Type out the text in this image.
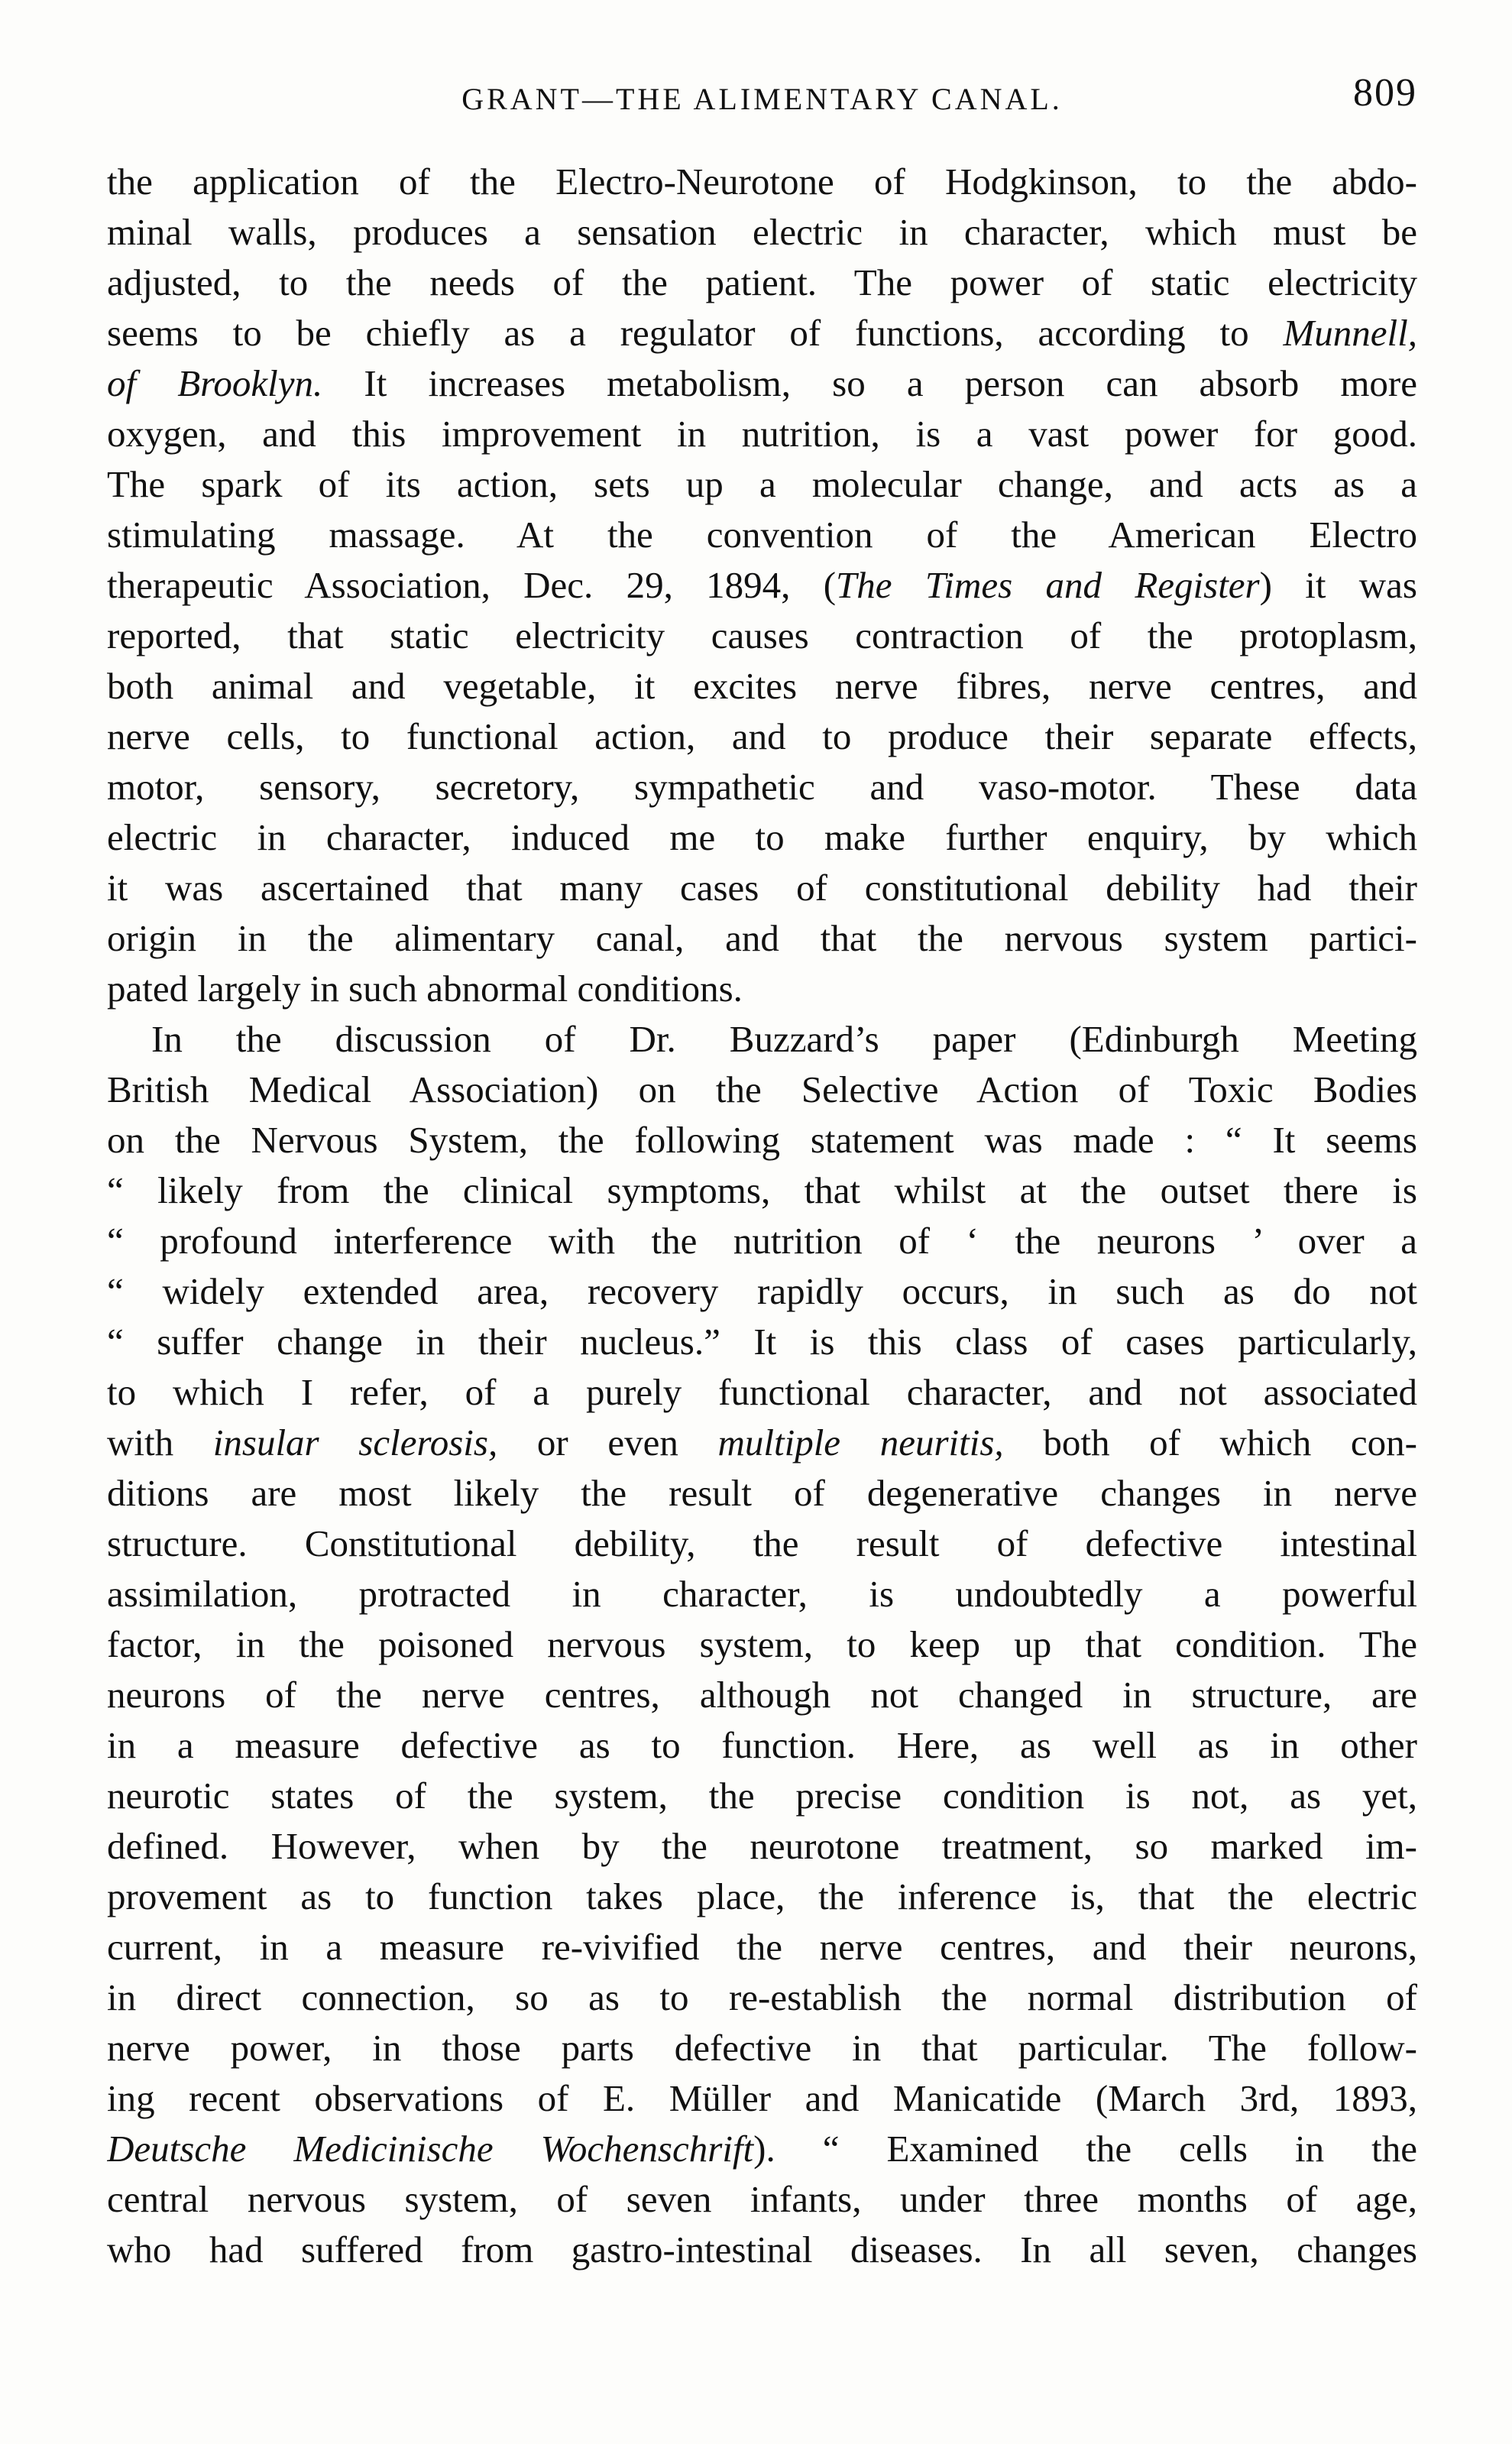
GRANT—THE ALIMENTARY CANAL.	809
the application of the Electro-Neurotone of Hodgkinson, to the abdo-
minal walls, produces a sensation electric in character, which must be
adjusted, to the needs of the patient. The power of static electricity
seems to be chiefly as a regulator of functions, according to Munnell,
of Brooklyn. It increases metabolism, so a person can absorb more
oxygen, and this improvement in nutrition, is a vast power for good.
The spark of its action, sets up a molecular change, and acts as a
stimulating massage. At the convention of the American Electro
therapeutic Association, Dec. 29, 1894, (The Times and Register) it was
reported, that static electricity causes contraction of the protoplasm,
both animal and vegetable, it excites nerve fibres, nerve centres, and
nerve cells, to functional action, and to produce their separate effects,
motor, sensory, secretory, sympathetic and vaso-motor. These data
electric in character, induced me to make further enquiry, by which
it was ascertained that many cases of constitutional debility had their
origin in the alimentary canal, and that the nervous system partici-
pated largely in such abnormal conditions.
In the discussion of Dr. Buzzard’s paper (Edinburgh Meeting
British Medical Association) on the Selective Action of Toxic Bodies
on the Nervous System, the following statement was made : “ It seems
“ likely from the clinical symptoms, that whilst at the outset there is
“ profound interference with the nutrition of ‘ the neurons ’ over a
“ widely extended area, recovery rapidly occurs, in such as do not
“ suffer change in their nucleus.” It is this class of cases particularly,
to which I refer, of a purely functional character, and not associated
with insular sclerosis, or even multiple neuritis, both of which con-
ditions are most likely the result of degenerative changes in nerve
structure. Constitutional debility, the result of defective intestinal
assimilation, protracted in character, is undoubtedly a powerful
factor, in the poisoned nervous system, to keep up that condition. The
neurons of the nerve centres, although not changed in structure, are
in a measure defective as to function. Here, as well as in other
neurotic states of the system, the precise condition is not, as yet,
defined. However, when by the neurotone treatment, so marked im-
provement as to function takes place, the inference is, that the electric
current, in a measure re-vivified the nerve centres, and their neurons,
in direct connection, so as to re-establish the normal distribution of
nerve power, in those parts defective in that particular. The follow-
ing recent observations of E. Müller and Manicatide (March 3rd, 1893,
Deutsche Medicinische Wochenschrift). “ Examined the cells in the
central nervous system, of seven infants, under three months of age,
who had suffered from gastro-intestinal diseases. In all seven, changes
